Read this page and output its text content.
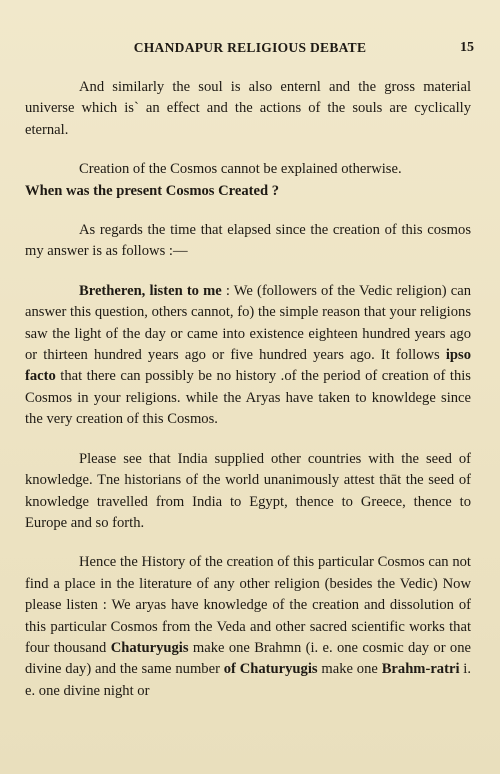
CHANDAPUR RELIGIOUS DEBATE	15

And similarly the soul is also enternl and the gross material universe which is` an effect and the actions of the souls are cyclically eternal.

Creation of the Cosmos cannot be explained otherwise.
When was the present Cosmos Created ?

As regards the time that elapsed since the creation of this cosmos my answer is as follows :—

Bretheren, listen to me : We (followers of the Vedic religion) can answer this question, others cannot, fo) the simple reason that your religions saw the light of the day or came into existence eighteen hundred years ago or thirteen hundred years ago or five hundred years ago. It follows ipso facto that there can possibly be no history .of the period of creation of this Cosmos in your religions. while the Aryas have taken to knowldege since the very creation of this Cosmos.

Please see that India supplied other countries with the seed of knowledge. Tne historians of the world unanimously attest thāt the seed of knowledge travelled from India to Egypt, thence to Greece, thence to Europe and so forth.

Hence the History of the creation of this particular Cosmos can not find a place in the literature of any other religion (besides the Vedic) Now please listen : We aryas have knowledge of the creation and dissolution of this particular Cosmos from the Veda and other sacred scientific works that four thousand Chaturyugis make one Brahmn (i. e. one cosmic day or one divine day) and the same number of Chaturyugis make one Brahm-ratri i. e. one divine night or
